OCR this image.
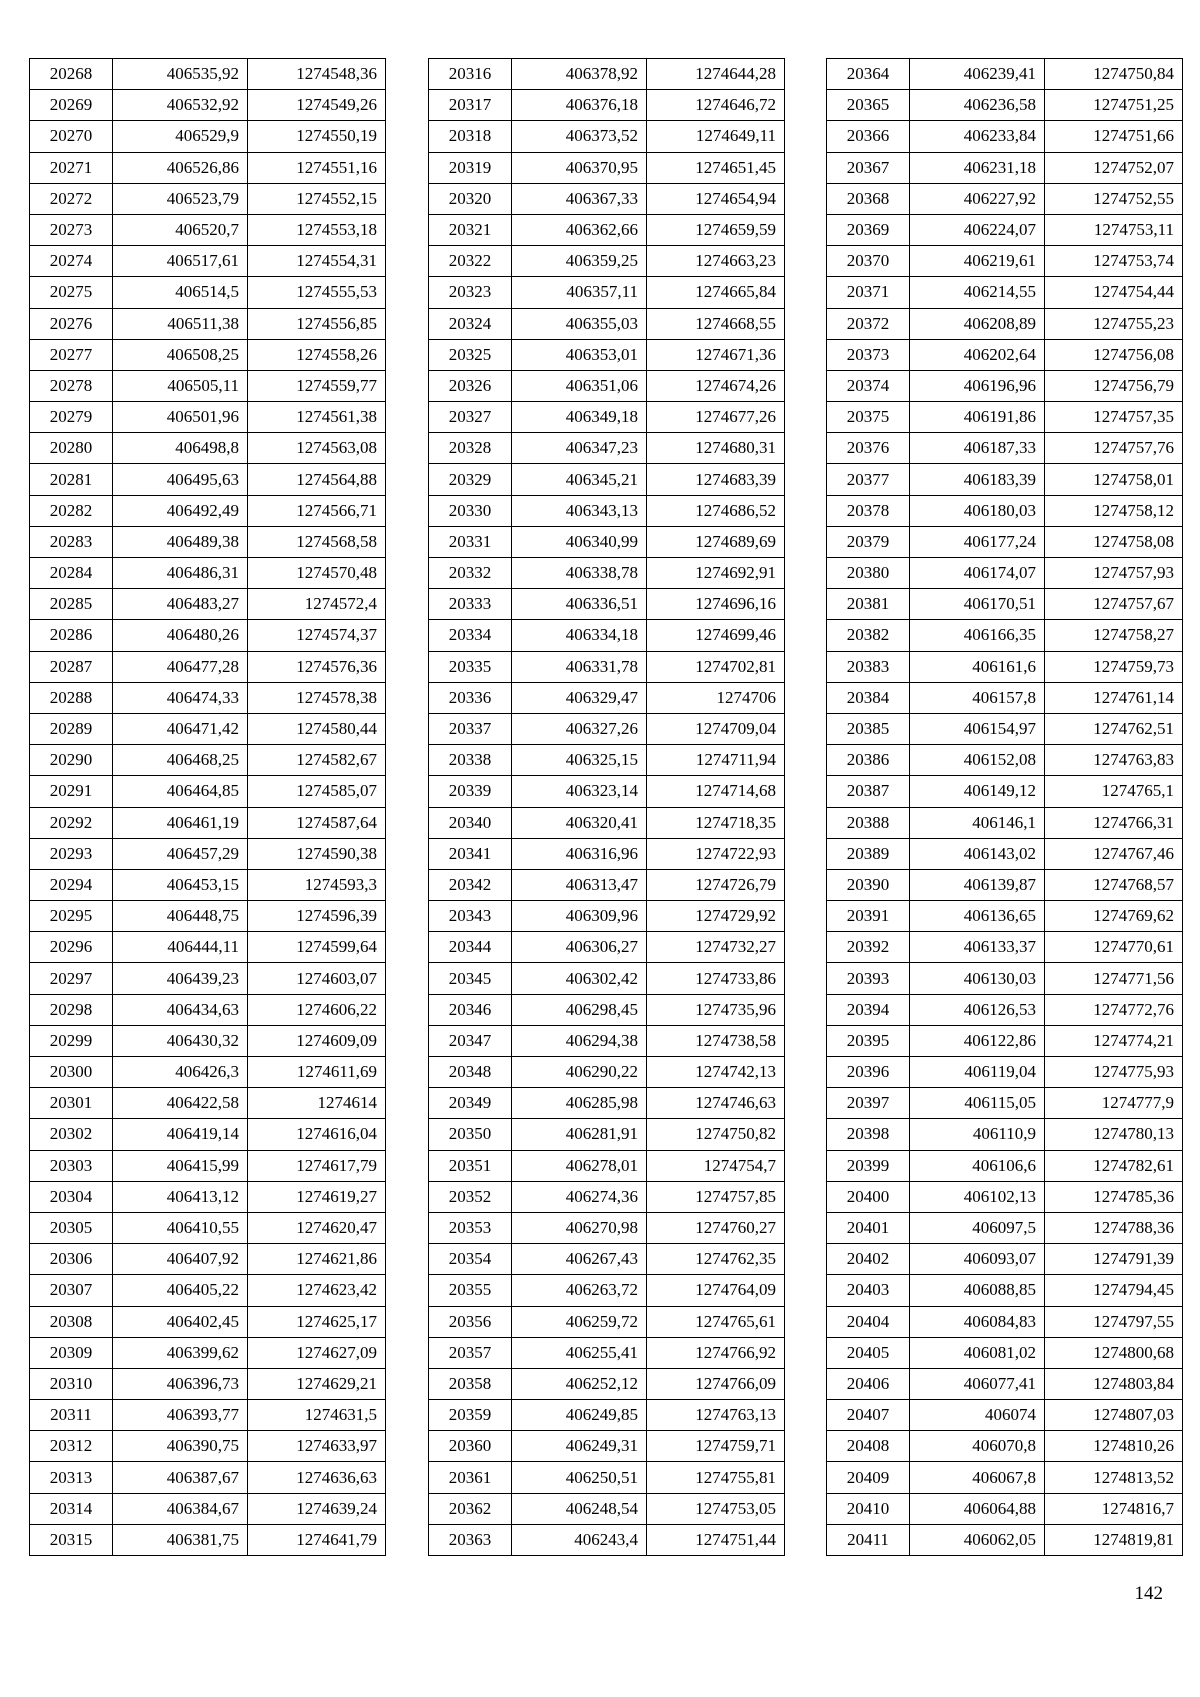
20268	406535,92	1274548,36
20269	406532,92	1274549,26
20270	406529,9	1274550,19
20271	406526,86	1274551,16
20272	406523,79	1274552,15
20273	406520,7	1274553,18
20274	406517,61	1274554,31
20275	406514,5	1274555,53
20276	406511,38	1274556,85
20277	406508,25	1274558,26
20278	406505,11	1274559,77
20279	406501,96	1274561,38
20280	406498,8	1274563,08
20281	406495,63	1274564,88
20282	406492,49	1274566,71
20283	406489,38	1274568,58
20284	406486,31	1274570,48
20285	406483,27	1274572,4
20286	406480,26	1274574,37
20287	406477,28	1274576,36
20288	406474,33	1274578,38
20289	406471,42	1274580,44
20290	406468,25	1274582,67
20291	406464,85	1274585,07
20292	406461,19	1274587,64
20293	406457,29	1274590,38
20294	406453,15	1274593,3
20295	406448,75	1274596,39
20296	406444,11	1274599,64
20297	406439,23	1274603,07
20298	406434,63	1274606,22
20299	406430,32	1274609,09
20300	406426,3	1274611,69
20301	406422,58	1274614
20302	406419,14	1274616,04
20303	406415,99	1274617,79
20304	406413,12	1274619,27
20305	406410,55	1274620,47
20306	406407,92	1274621,86
20307	406405,22	1274623,42
20308	406402,45	1274625,17
20309	406399,62	1274627,09
20310	406396,73	1274629,21
20311	406393,77	1274631,5
20312	406390,75	1274633,97
20313	406387,67	1274636,63
20314	406384,67	1274639,24
20315	406381,75	1274641,79
20316	406378,92	1274644,28
20317	406376,18	1274646,72
20318	406373,52	1274649,11
20319	406370,95	1274651,45
20320	406367,33	1274654,94
20321	406362,66	1274659,59
20322	406359,25	1274663,23
20323	406357,11	1274665,84
20324	406355,03	1274668,55
20325	406353,01	1274671,36
20326	406351,06	1274674,26
20327	406349,18	1274677,26
20328	406347,23	1274680,31
20329	406345,21	1274683,39
20330	406343,13	1274686,52
20331	406340,99	1274689,69
20332	406338,78	1274692,91
20333	406336,51	1274696,16
20334	406334,18	1274699,46
20335	406331,78	1274702,81
20336	406329,47	1274706
20337	406327,26	1274709,04
20338	406325,15	1274711,94
20339	406323,14	1274714,68
20340	406320,41	1274718,35
20341	406316,96	1274722,93
20342	406313,47	1274726,79
20343	406309,96	1274729,92
20344	406306,27	1274732,27
20345	406302,42	1274733,86
20346	406298,45	1274735,96
20347	406294,38	1274738,58
20348	406290,22	1274742,13
20349	406285,98	1274746,63
20350	406281,91	1274750,82
20351	406278,01	1274754,7
20352	406274,36	1274757,85
20353	406270,98	1274760,27
20354	406267,43	1274762,35
20355	406263,72	1274764,09
20356	406259,72	1274765,61
20357	406255,41	1274766,92
20358	406252,12	1274766,09
20359	406249,85	1274763,13
20360	406249,31	1274759,71
20361	406250,51	1274755,81
20362	406248,54	1274753,05
20363	406243,4	1274751,44
20364	406239,41	1274750,84
20365	406236,58	1274751,25
20366	406233,84	1274751,66
20367	406231,18	1274752,07
20368	406227,92	1274752,55
20369	406224,07	1274753,11
20370	406219,61	1274753,74
20371	406214,55	1274754,44
20372	406208,89	1274755,23
20373	406202,64	1274756,08
20374	406196,96	1274756,79
20375	406191,86	1274757,35
20376	406187,33	1274757,76
20377	406183,39	1274758,01
20378	406180,03	1274758,12
20379	406177,24	1274758,08
20380	406174,07	1274757,93
20381	406170,51	1274757,67
20382	406166,35	1274758,27
20383	406161,6	1274759,73
20384	406157,8	1274761,14
20385	406154,97	1274762,51
20386	406152,08	1274763,83
20387	406149,12	1274765,1
20388	406146,1	1274766,31
20389	406143,02	1274767,46
20390	406139,87	1274768,57
20391	406136,65	1274769,62
20392	406133,37	1274770,61
20393	406130,03	1274771,56
20394	406126,53	1274772,76
20395	406122,86	1274774,21
20396	406119,04	1274775,93
20397	406115,05	1274777,9
20398	406110,9	1274780,13
20399	406106,6	1274782,61
20400	406102,13	1274785,36
20401	406097,5	1274788,36
20402	406093,07	1274791,39
20403	406088,85	1274794,45
20404	406084,83	1274797,55
20405	406081,02	1274800,68
20406	406077,41	1274803,84
20407	406074	1274807,03
20408	406070,8	1274810,26
20409	406067,8	1274813,52
20410	406064,88	1274816,7
20411	406062,05	1274819,81
142
